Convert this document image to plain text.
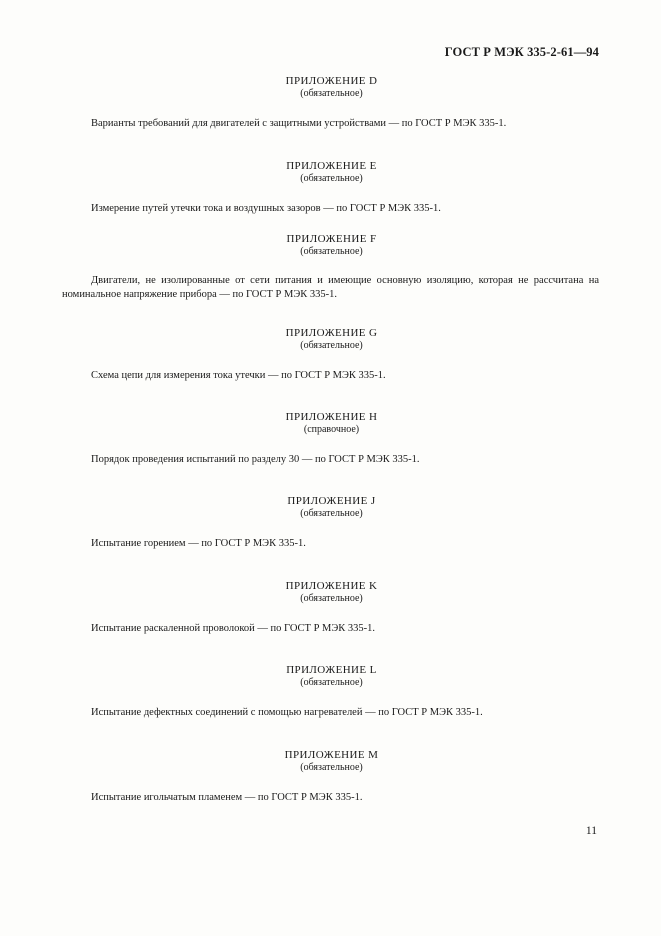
ГОСТ Р МЭК 335-2-61—94
ПРИЛОЖЕНИЕ D
(обязательное)
Варианты требований для двигателей с защитными устройствами — по ГОСТ Р МЭК 335-1.
ПРИЛОЖЕНИЕ E
(обязательное)
Измерение путей утечки тока и воздушных зазоров — по ГОСТ Р МЭК 335-1.
ПРИЛОЖЕНИЕ F
(обязательное)
Двигатели, не изолированные от сети питания и имеющие основную изоляцию, которая не рассчитана на номинальное напряжение прибора — по ГОСТ Р МЭК 335-1.
ПРИЛОЖЕНИЕ G
(обязательное)
Схема цепи для измерения тока утечки — по ГОСТ Р МЭК 335-1.
ПРИЛОЖЕНИЕ H
(справочное)
Порядок проведения испытаний по разделу 30 — по ГОСТ Р МЭК 335-1.
ПРИЛОЖЕНИЕ J
(обязательное)
Испытание горением — по ГОСТ Р МЭК 335-1.
ПРИЛОЖЕНИЕ K
(обязательное)
Испытание раскаленной проволокой — по ГОСТ Р МЭК 335-1.
ПРИЛОЖЕНИЕ L
(обязательное)
Испытание дефектных соединений с помощью нагревателей — по ГОСТ Р МЭК 335-1.
ПРИЛОЖЕНИЕ M
(обязательное)
Испытание игольчатым пламенем — по ГОСТ Р МЭК 335-1.
11
